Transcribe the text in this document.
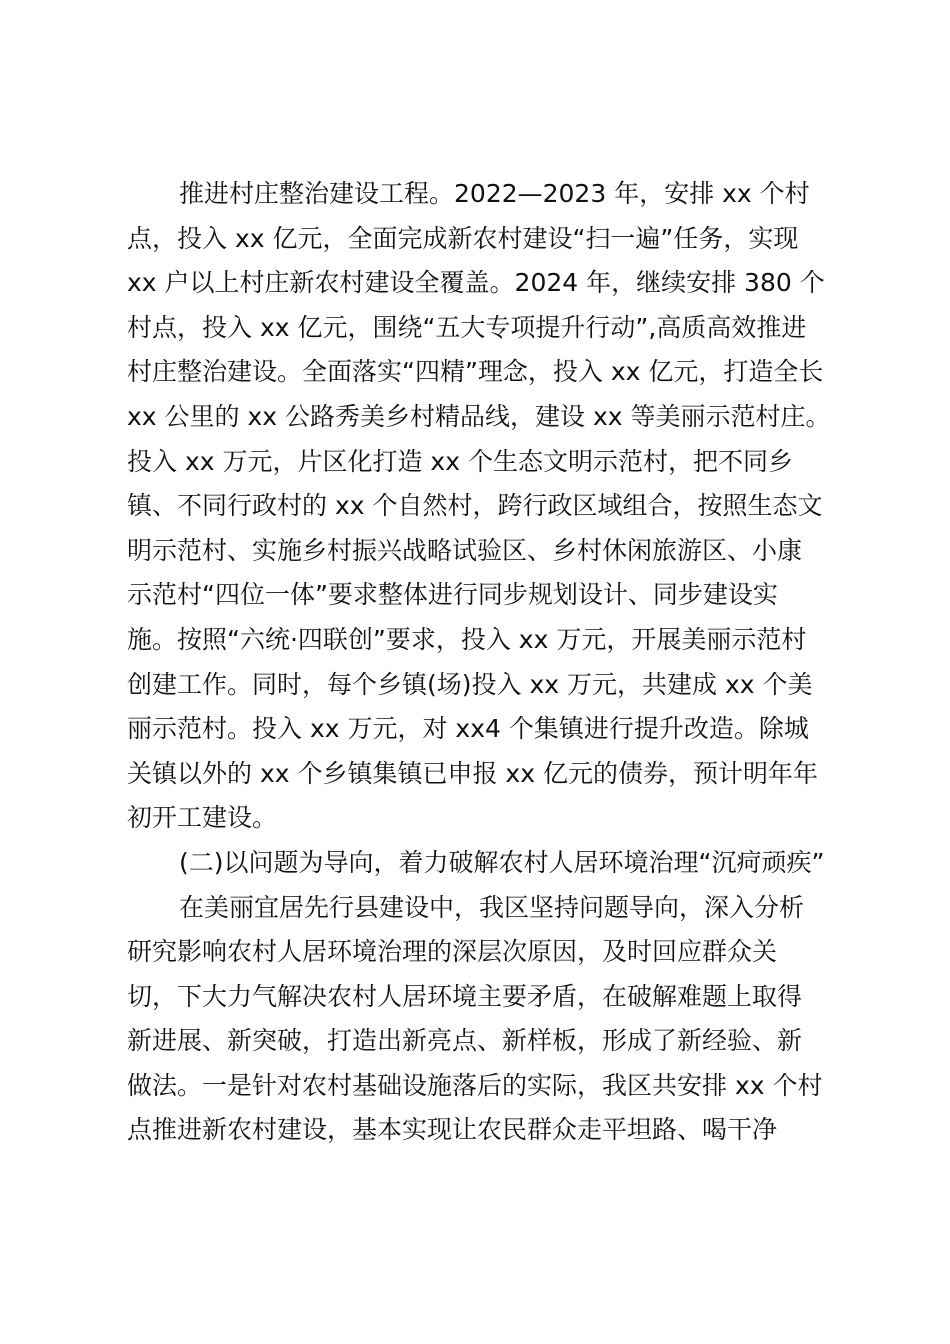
推进村庄整治建设工程。2022—2023 年，安排 xx 个村
点，投入 xx 亿元，全面完成新农村建设“扫一遍”任务，实现
xx 户以上村庄新农村建设全覆盖。2024 年，继续安排 380 个
村点，投入 xx 亿元，围绕“五大专项提升行动”,高质高效推进
村庄整治建设。全面落实“四精”理念，投入 xx 亿元，打造全长
xx 公里的 xx 公路秀美乡村精品线，建设 xx 等美丽示范村庄。
投入 xx 万元，片区化打造 xx 个生态文明示范村，把不同乡
镇、不同行政村的 xx 个自然村，跨行政区域组合，按照生态文
明示范村、实施乡村振兴战略试验区、乡村休闲旅游区、小康
示范村“四位一体”要求整体进行同步规划设计、同步建设实
施。按照“六统·四联创”要求，投入 xx 万元，开展美丽示范村
创建工作。同时，每个乡镇(场)投入 xx 万元，共建成 xx 个美
丽示范村。投入 xx 万元，对 xx4 个集镇进行提升改造。除城
关镇以外的 xx 个乡镇集镇已申报 xx 亿元的债券，预计明年年
初开工建设。
(二)以问题为导向，着力破解农村人居环境治理“沉疴顽疾”
在美丽宜居先行县建设中，我区坚持问题导向，深入分析
研究影响农村人居环境治理的深层次原因，及时回应群众关
切，下大力气解决农村人居环境主要矛盾，在破解难题上取得
新进展、新突破，打造出新亮点、新样板，形成了新经验、新
做法。一是针对农村基础设施落后的实际，我区共安排 xx 个村
点推进新农村建设，基本实现让农民群众走平坦路、喝干净
